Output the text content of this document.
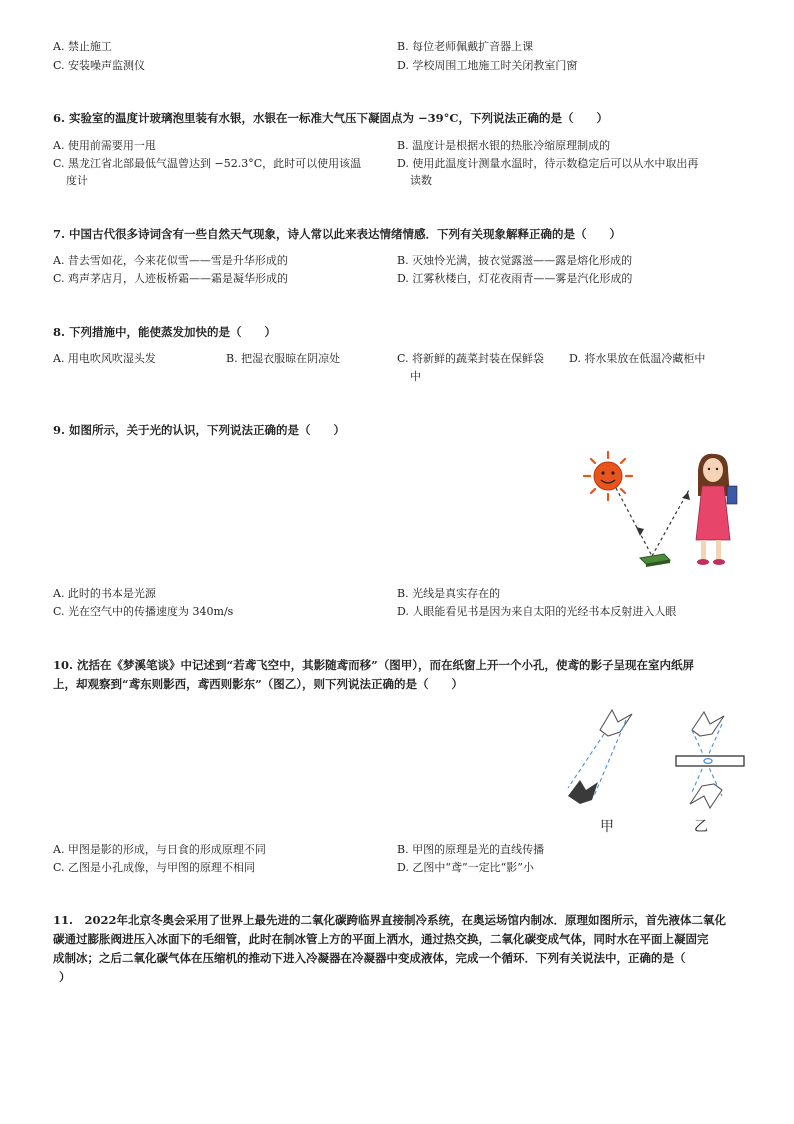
A. 禁止施工	B. 每位老师佩戴扩音器上课
C. 安装噪声监测仪	D. 学校周围工地施工时关闭教室门窗
6. 实验室的温度计玻璃泡里装有水银，水银在一标准大气压下凝固点为 −39°C，下列说法正确的是（　　）
A. 使用前需要用一甩	B. 温度计是根据水银的热胀冷缩原理制成的
C. 黑龙江省北部最低气温曾达到 −52.3°C，此时可以使用该温
度计
D. 使用此温度计测量水温时，待示数稳定后可以从水中取出再
读数
7. 中国古代很多诗词含有一些自然天气现象，诗人常以此来表达情绪情感．下列有关现象解释正确的是（　　）
A. 昔去雪如花，今来花似雪——雪是升华形成的	B. 灭烛怜光满，披衣觉露滋——露是熔化形成的
C. 鸡声茅店月，人迹板桥霜——霜是凝华形成的	D. 江雾秋楼白，灯花夜雨青——雾是汽化形成的
8. 下列措施中，能使蒸发加快的是（　　）
A. 用电吹风吹湿头发	B. 把湿衣服晾在阴凉处	C. 将新鲜的蔬菜封装在保鲜袋
中
D. 将水果放在低温冷藏柜中
9. 如图所示，关于光的认识，下列说法正确的是（　　）
A. 此时的书本是光源	B. 光线是真实存在的
C. 光在空气中的传播速度为 340m/s	D. 人眼能看见书是因为来自太阳的光经书本反射进入人眼
10. 沈括在《梦溪笔谈》中记述到“若鸢飞空中，其影随鸢而移”（图甲），而在纸窗上开一个小孔，使鸢的影子呈现在室内纸屏
上，却观察到“鸢东则影西，鸢西则影东”（图乙），则下列说法正确的是（　　）
甲	乙
A. 甲图是影的形成，与日食的形成原理不同	B. 甲图的原理是光的直线传播
C. 乙图是小孔成像，与甲图的原理不相同	D. 乙图中“鸢”一定比“影”小
11.　2022年北京冬奥会采用了世界上最先进的二氧化碳跨临界直接制冷系统，在奥运场馆内制冰．原理如图所示，首先液体二氧化
碳通过膨胀阀进压入冰面下的毛细管，此时在制冰管上方的平面上洒水，通过热交换，二氧化碳变成气体，同时水在平面上凝固完
成制冰；之后二氧化碳气体在压缩机的推动下进入冷凝器在冷凝器中变成液体，完成一个循环．下列有关说法中，正确的是（
）
